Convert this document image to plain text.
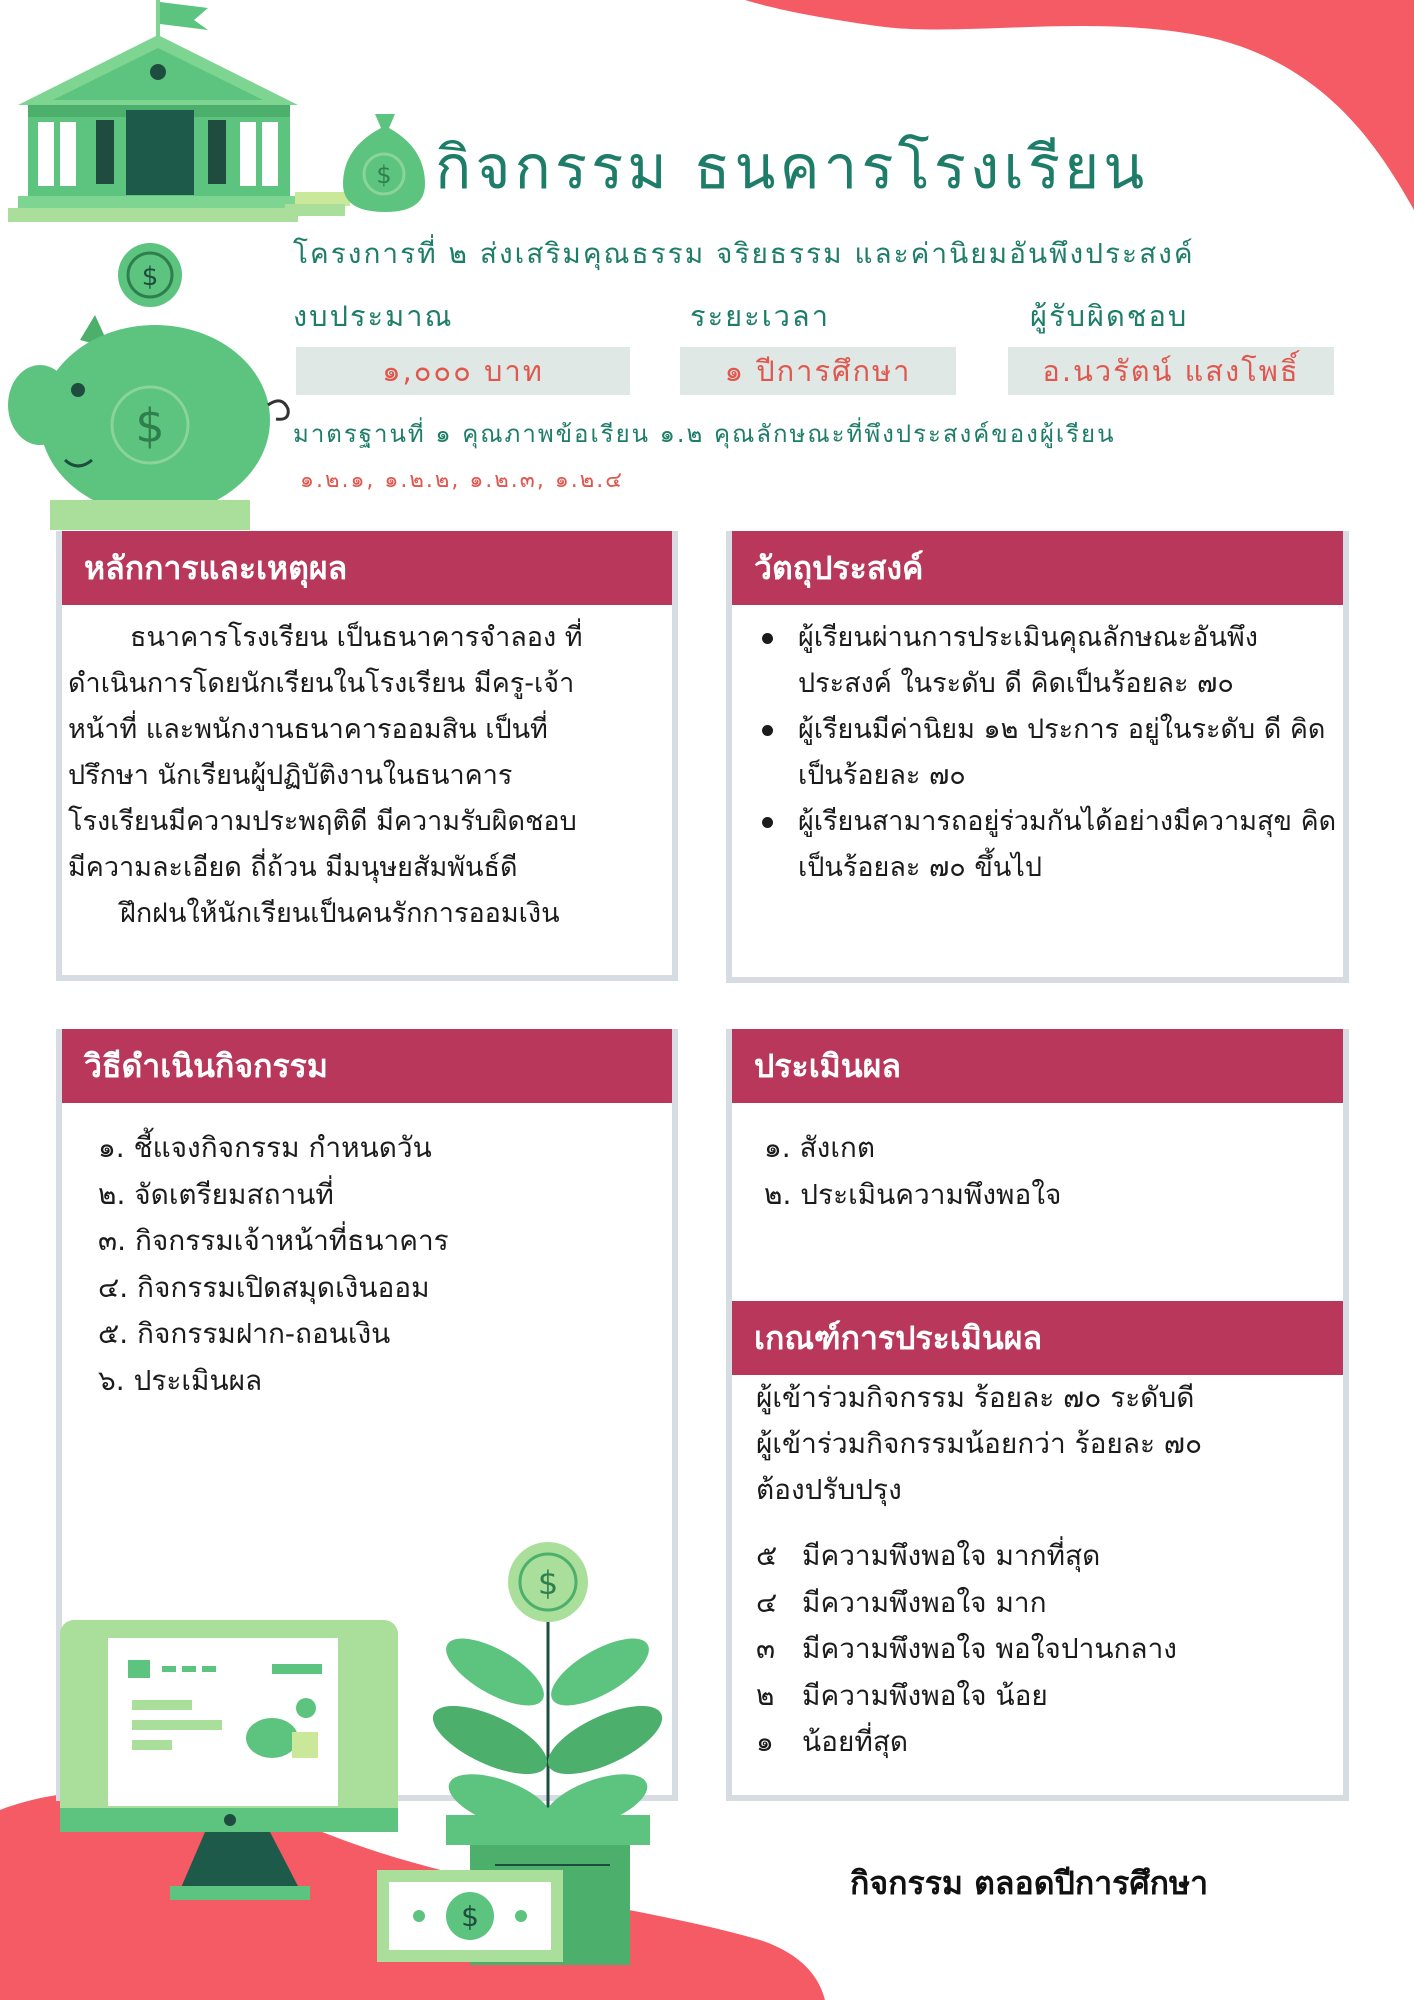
$
$
$
กิจกรรม ธนคารโรงเรียน
โครงการที่ ๒ ส่งเสริมคุณธรรม จริยธรรม และค่านิยมอันพึงประสงค์
งบประมาณ
๑,๐๐๐ บาท
ระยะเวลา
๑ ปีการศึกษา
ผู้รับผิดชอบ
อ.นวรัตน์ แสงโพธิ์
มาตรฐานที่ ๑ คุณภาพข้อเรียน ๑.๒ คุณลักษณะที่พึงประสงค์ของผู้เรียน
๑.๒.๑, ๑.๒.๒, ๑.๒.๓, ๑.๒.๔
หลักการและเหตุผล
ธนาคารโรงเรียน เป็นธนาคารจำลอง ที่
ดำเนินการโดยนักเรียนในโรงเรียน มีครู-เจ้า
หน้าที่ และพนักงานธนาคารออมสิน เป็นที่
ปรึกษา นักเรียนผู้ปฏิบัติงานในธนาคาร
โรงเรียนมีความประพฤติดี มีความรับผิดชอบ
มีความละเอียด ถี่ถ้วน มีมนุษยสัมพันธ์ดี
ฝึกฝนให้นักเรียนเป็นคนรักการออมเงิน
วัตถุประสงค์
ผู้เรียนผ่านการประเมินคุณลักษณะอันพึงประสงค์ ในระดับ ดี คิดเป็นร้อยละ ๗๐
ผู้เรียนมีค่านิยม ๑๒ ประการ อยู่ในระดับ ดี คิดเป็นร้อยละ ๗๐
ผู้เรียนสามารถอยู่ร่วมกันได้อย่างมีความสุข คิดเป็นร้อยละ ๗๐ ขึ้นไป
วิธีดำเนินกิจกรรม
๑. ชี้แจงกิจกรรม กำหนดวัน
๒. จัดเตรียมสถานที่
๓. กิจกรรมเจ้าหน้าที่ธนาคาร
๔. กิจกรรมเปิดสมุดเงินออม
๕. กิจกรรมฝาก-ถอนเงิน
๖. ประเมินผล
ประเมินผล
๑. สังเกต
๒. ประเมินความพึงพอใจ
เกณฑ์การประเมินผล
ผู้เข้าร่วมกิจกรรม ร้อยละ ๗๐ ระดับดี
ผู้เข้าร่วมกิจกรรมน้อยกว่า ร้อยละ ๗๐
ต้องปรับปรุง
๕ มีความพึงพอใจ มากที่สุด
๔ มีความพึงพอใจ มาก
๓ มีความพึงพอใจ พอใจปานกลาง
๒ มีความพึงพอใจ น้อย
๑ น้อยที่สุด
$
$
กิจกรรม ตลอดปีการศึกษา
